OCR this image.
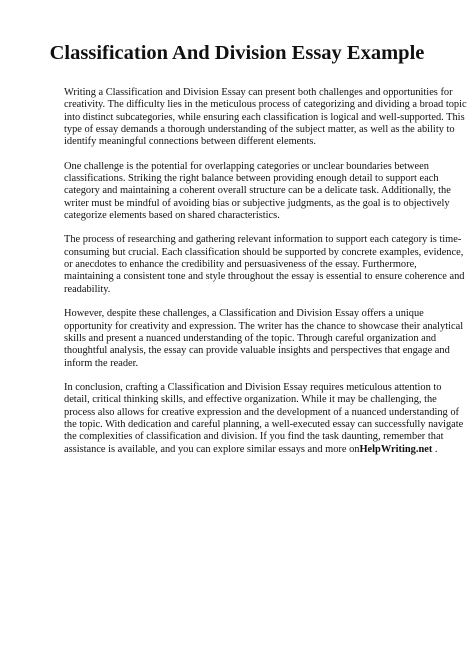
Classification And Division Essay Example

Writing a Classification and Division Essay can present both challenges and opportunities for
creativity. The difficulty lies in the meticulous process of categorizing and dividing a broad topic
into distinct subcategories, while ensuring each classification is logical and well-supported. This
type of essay demands a thorough understanding of the subject matter, as well as the ability to
identify meaningful connections between different elements.

One challenge is the potential for overlapping categories or unclear boundaries between
classifications. Striking the right balance between providing enough detail to support each
category and maintaining a coherent overall structure can be a delicate task. Additionally, the
writer must be mindful of avoiding bias or subjective judgments, as the goal is to objectively
categorize elements based on shared characteristics.

The process of researching and gathering relevant information to support each category is time-
consuming but crucial. Each classification should be supported by concrete examples, evidence,
or anecdotes to enhance the credibility and persuasiveness of the essay. Furthermore,
maintaining a consistent tone and style throughout the essay is essential to ensure coherence and
readability.

However, despite these challenges, a Classification and Division Essay offers a unique
opportunity for creativity and expression. The writer has the chance to showcase their analytical
skills and present a nuanced understanding of the topic. Through careful organization and
thoughtful analysis, the essay can provide valuable insights and perspectives that engage and
inform the reader.

In conclusion, crafting a Classification and Division Essay requires meticulous attention to
detail, critical thinking skills, and effective organization. While it may be challenging, the
process also allows for creative expression and the development of a nuanced understanding of
the topic. With dedication and careful planning, a well-executed essay can successfully navigate
the complexities of classification and division. If you find the task daunting, remember that
assistance is available, and you can explore similar essays and more onHelpWriting.net .
